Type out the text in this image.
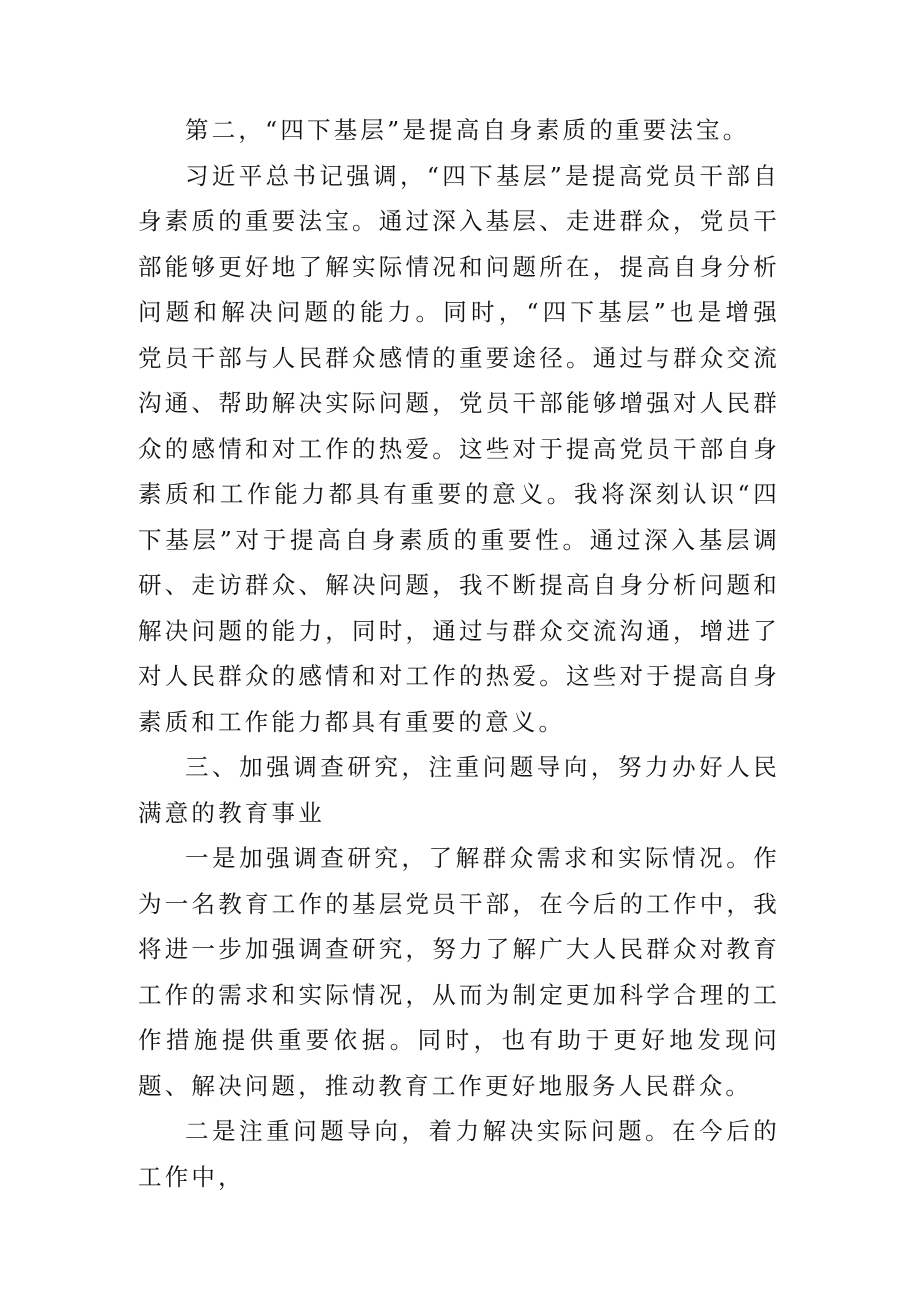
第二，“四下基层”是提高自身素质的重要法宝。

习近平总书记强调，“四下基层”是提高党员干部自身素质的重要法宝。通过深入基层、走进群众，党员干部能够更好地了解实际情况和问题所在，提高自身分析问题和解决问题的能力。同时，“四下基层”也是增强党员干部与人民群众感情的重要途径。通过与群众交流沟通、帮助解决实际问题，党员干部能够增强对人民群众的感情和对工作的热爱。这些对于提高党员干部自身素质和工作能力都具有重要的意义。我将深刻认识“四下基层”对于提高自身素质的重要性。通过深入基层调研、走访群众、解决问题，我不断提高自身分析问题和解决问题的能力，同时，通过与群众交流沟通，增进了对人民群众的感情和对工作的热爱。这些对于提高自身素质和工作能力都具有重要的意义。

三、加强调查研究，注重问题导向，努力办好人民满意的教育事业

一是加强调查研究，了解群众需求和实际情况。作为一名教育工作的基层党员干部，在今后的工作中，我将进一步加强调查研究，努力了解广大人民群众对教育工作的需求和实际情况，从而为制定更加科学合理的工作措施提供重要依据。同时，也有助于更好地发现问题、解决问题，推动教育工作更好地服务人民群众。

二是注重问题导向，着力解决实际问题。在今后的工作中，
